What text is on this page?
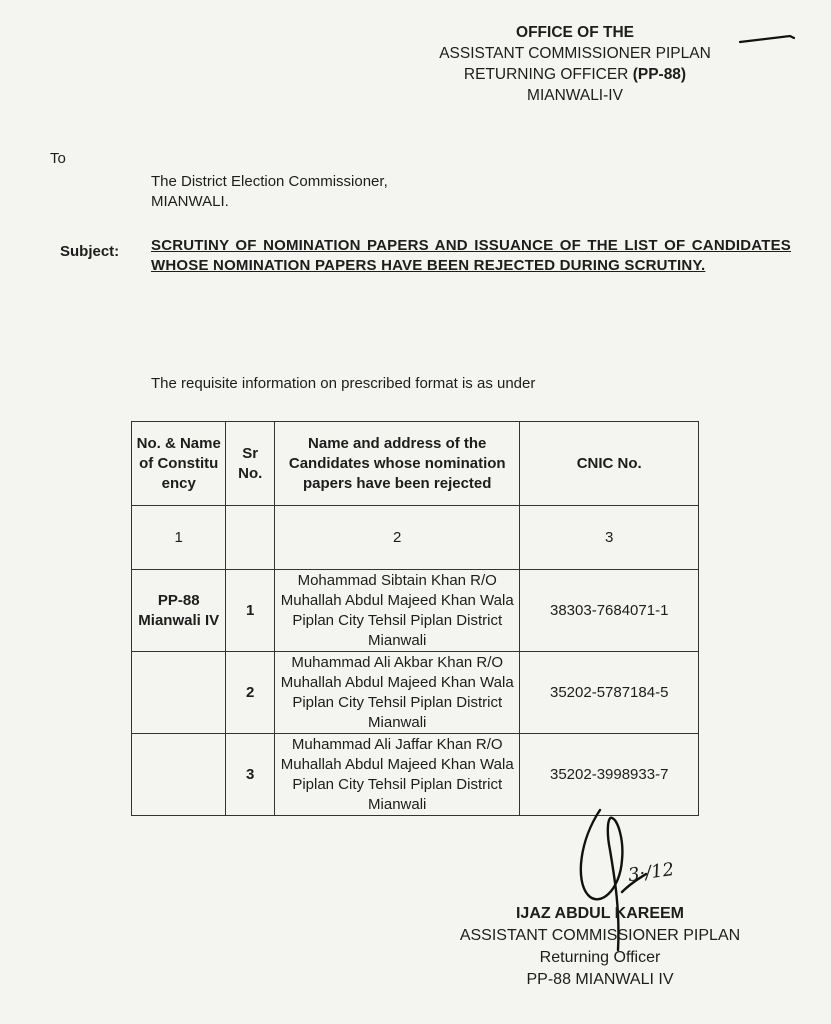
OFFICE OF THE
ASSISTANT COMMISSIONER PIPLAN
RETURNING OFFICER (PP-88)
MIANWALI-IV
To
The District Election Commissioner,
MIANWALI.
Subject: SCRUTINY OF NOMINATION PAPERS AND ISSUANCE OF THE LIST OF CANDIDATES WHOSE NOMINATION PAPERS HAVE BEEN REJECTED DURING SCRUTINY.
The requisite information on prescribed format is as under
No. & Name of Constitu ency	Sr No.	Name and address of the Candidates whose nomination papers have been rejected	CNIC No.
1		2	3
PP-88 Mianwali IV	1	Mohammad Sibtain Khan R/O Muhallah Abdul Majeed Khan Wala Piplan City Tehsil Piplan District Mianwali	38303-7684071-1
	2	Muhammad Ali Akbar Khan R/O Muhallah Abdul Majeed Khan Wala Piplan City Tehsil Piplan District Mianwali	35202-5787184-5
	3	Muhammad Ali Jaffar Khan R/O Muhallah Abdul Majeed Khan Wala Piplan City Tehsil Piplan District Mianwali	35202-3998933-7
3·/12
IJAZ ABDUL KAREEM
ASSISTANT COMMISSIONER PIPLAN
Returning Officer
PP-88 MIANWALI IV
